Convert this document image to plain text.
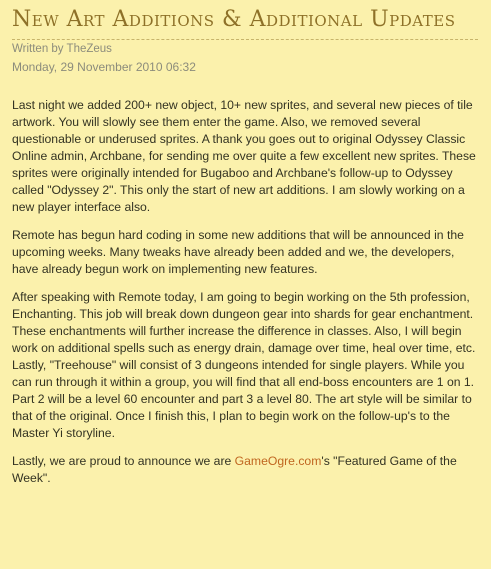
New Art Additions & Additional Updates
Written by TheZeus
Monday, 29 November 2010 06:32

Last night we added 200+ new object, 10+ new sprites, and several new pieces of tile artwork. You will slowly see them enter the game. Also, we removed several questionable or underused sprites. A thank you goes out to original Odyssey Classic Online admin, Archbane, for sending me over quite a few excellent new sprites. These sprites were originally intended for Bugaboo and Archbane's follow-up to Odyssey called "Odyssey 2". This only the start of new art additions. I am slowly working on a new player interface also.

Remote has begun hard coding in some new additions that will be announced in the upcoming weeks. Many tweaks have already been added and we, the developers, have already begun work on implementing new features.

After speaking with Remote today, I am going to begin working on the 5th profession, Enchanting. This job will break down dungeon gear into shards for gear enchantment. These enchantments will further increase the difference in classes. Also, I will begin work on additional spells such as energy drain, damage over time, heal over time, etc. Lastly, "Treehouse" will consist of 3 dungeons intended for single players. While you can run through it within a group, you will find that all end-boss encounters are 1 on 1. Part 2 will be a level 60 encounter and part 3 a level 80. The art style will be similar to that of the original. Once I finish this, I plan to begin work on the follow-up's to the Master Yi storyline.

Lastly, we are proud to announce we are GameOgre.com's "Featured Game of the Week".
